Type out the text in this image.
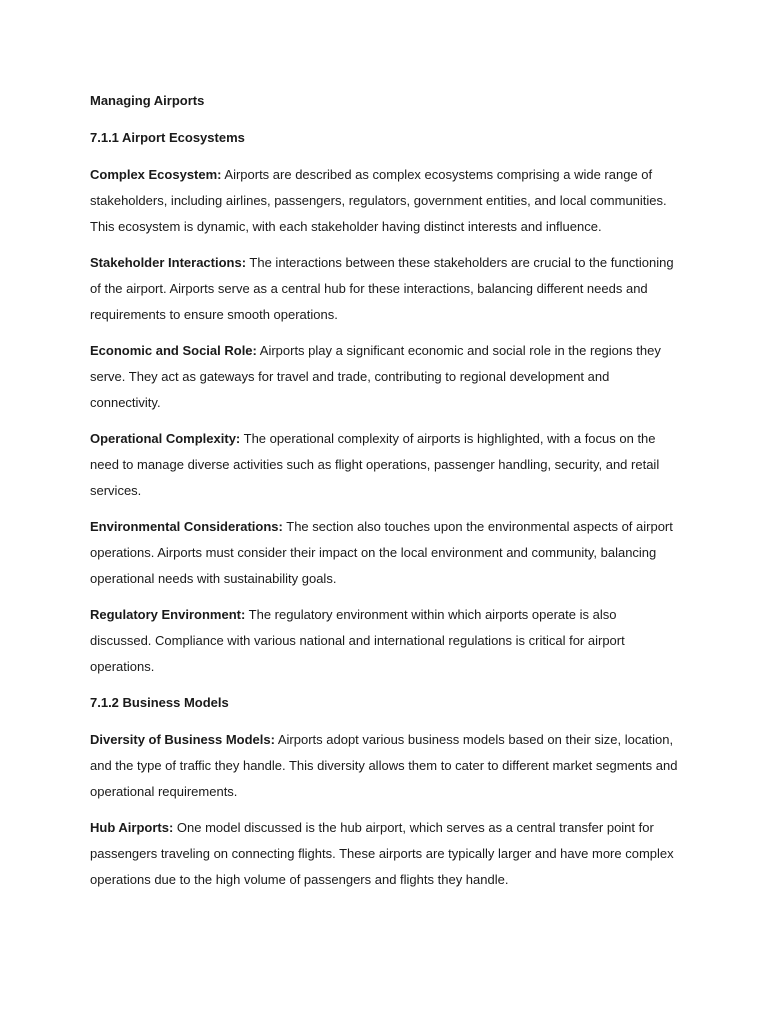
Managing Airports
7.1.1 Airport Ecosystems

Complex Ecosystem: Airports are described as complex ecosystems comprising a wide range of stakeholders, including airlines, passengers, regulators, government entities, and local communities. This ecosystem is dynamic, with each stakeholder having distinct interests and influence.

Stakeholder Interactions: The interactions between these stakeholders are crucial to the functioning of the airport. Airports serve as a central hub for these interactions, balancing different needs and requirements to ensure smooth operations.

Economic and Social Role: Airports play a significant economic and social role in the regions they serve. They act as gateways for travel and trade, contributing to regional development and connectivity.

Operational Complexity: The operational complexity of airports is highlighted, with a focus on the need to manage diverse activities such as flight operations, passenger handling, security, and retail services.

Environmental Considerations: The section also touches upon the environmental aspects of airport operations. Airports must consider their impact on the local environment and community, balancing operational needs with sustainability goals.

Regulatory Environment: The regulatory environment within which airports operate is also discussed. Compliance with various national and international regulations is critical for airport operations.

7.1.2 Business Models

Diversity of Business Models: Airports adopt various business models based on their size, location, and the type of traffic they handle. This diversity allows them to cater to different market segments and operational requirements.

Hub Airports: One model discussed is the hub airport, which serves as a central transfer point for passengers traveling on connecting flights. These airports are typically larger and have more complex operations due to the high volume of passengers and flights they handle.
